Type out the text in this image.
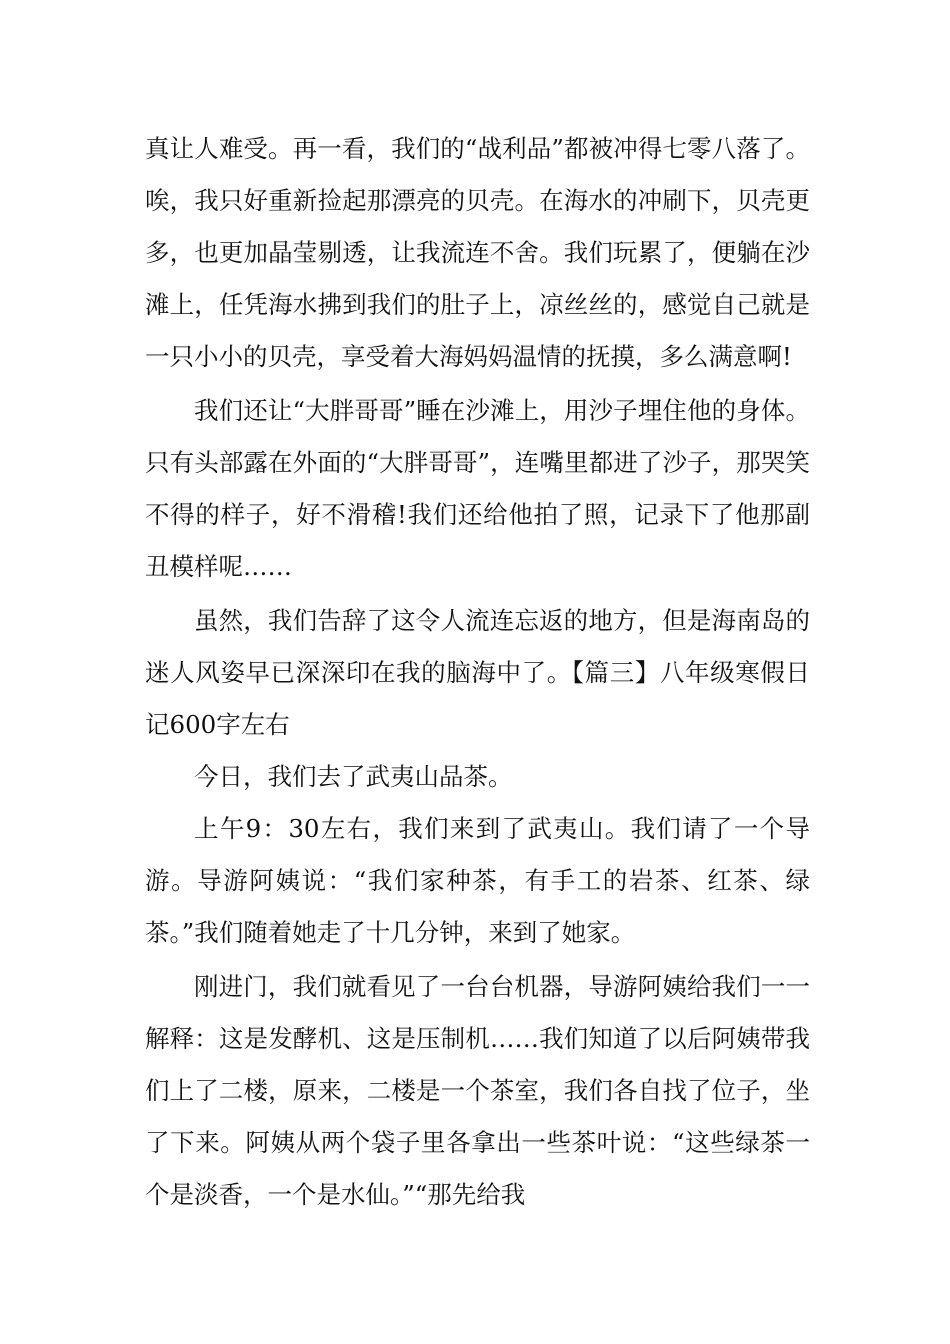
真让人难受。再一看，我们的“战利品”都被冲得七零八落了。唉，我只好重新捡起那漂亮的贝壳。在海水的冲刷下，贝壳更多，也更加晶莹剔透，让我流连不舍。我们玩累了，便躺在沙滩上，任凭海水拂到我们的肚子上，凉丝丝的，感觉自己就是一只小小的贝壳，享受着大海妈妈温情的抚摸，多么满意啊!

我们还让“大胖哥哥”睡在沙滩上，用沙子埋住他的身体。只有头部露在外面的“大胖哥哥”，连嘴里都进了沙子，那哭笑不得的样子，好不滑稽!我们还给他拍了照，记录下了他那副丑模样呢……

虽然，我们告辞了这令人流连忘返的地方，但是海南岛的迷人风姿早已深深印在我的脑海中了。【篇三】八年级寒假日记600字左右

今日，我们去了武夷山品茶。

上午9：30左右，我们来到了武夷山。我们请了一个导游。导游阿姨说：“我们家种茶，有手工的岩茶、红茶、绿茶。”我们随着她走了十几分钟，来到了她家。

刚进门，我们就看见了一台台机器，导游阿姨给我们一一解释：这是发酵机、这是压制机……我们知道了以后阿姨带我们上了二楼，原来，二楼是一个茶室，我们各自找了位子，坐了下来。阿姨从两个袋子里各拿出一些茶叶说：“这些绿茶一个是淡香，一个是水仙。”“那先给我
